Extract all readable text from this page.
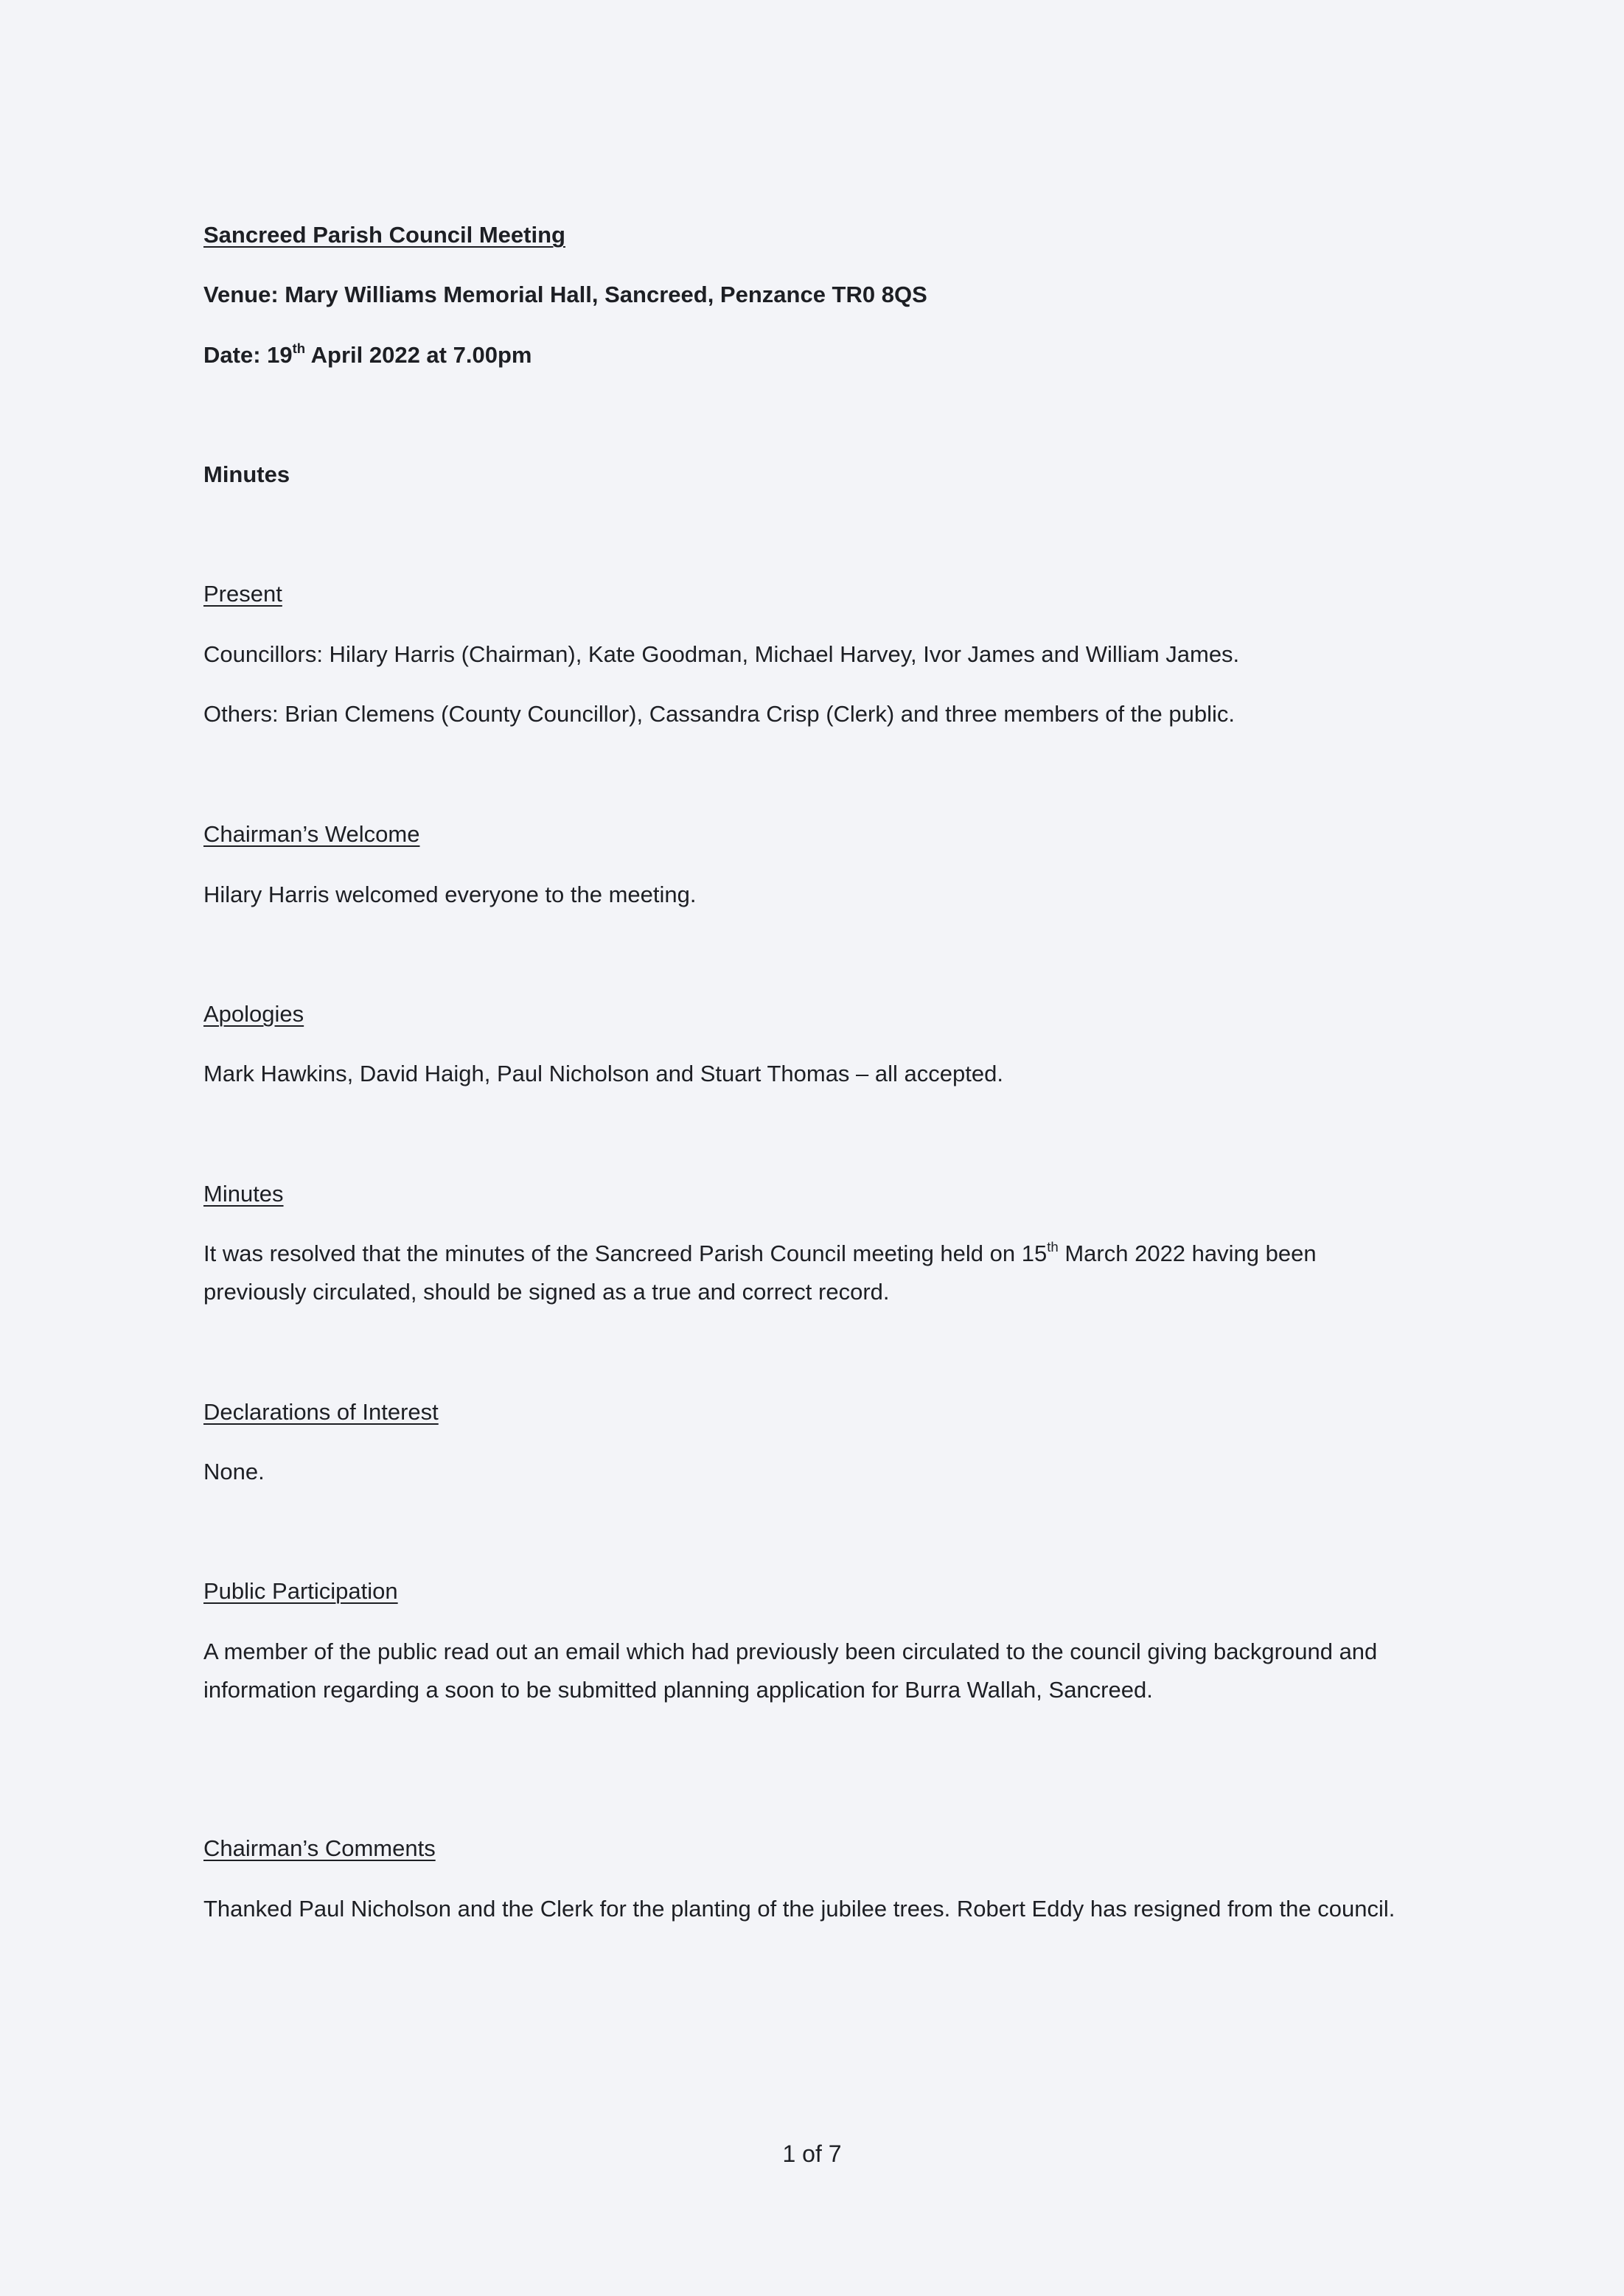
Sancreed Parish Council Meeting

Venue: Mary Williams Memorial Hall, Sancreed, Penzance TR0 8QS

Date: 19th April 2022 at 7.00pm

Minutes

Present

Councillors: Hilary Harris (Chairman), Kate Goodman, Michael Harvey, Ivor James and William James.

Others: Brian Clemens (County Councillor), Cassandra Crisp (Clerk) and three members of the public.

Chairman’s Welcome

Hilary Harris welcomed everyone to the meeting.

Apologies

Mark Hawkins, David Haigh, Paul Nicholson and Stuart Thomas – all accepted.

Minutes

It was resolved that the minutes of the Sancreed Parish Council meeting held on 15th March 2022 having been previously circulated, should be signed as a true and correct record.

Declarations of Interest

None.

Public Participation

A member of the public read out an email which had previously been circulated to the council giving background and information regarding a soon to be submitted planning application for Burra Wallah, Sancreed.

Chairman’s Comments

Thanked Paul Nicholson and the Clerk for the planting of the jubilee trees. Robert Eddy has resigned from the council.

1 of 7
